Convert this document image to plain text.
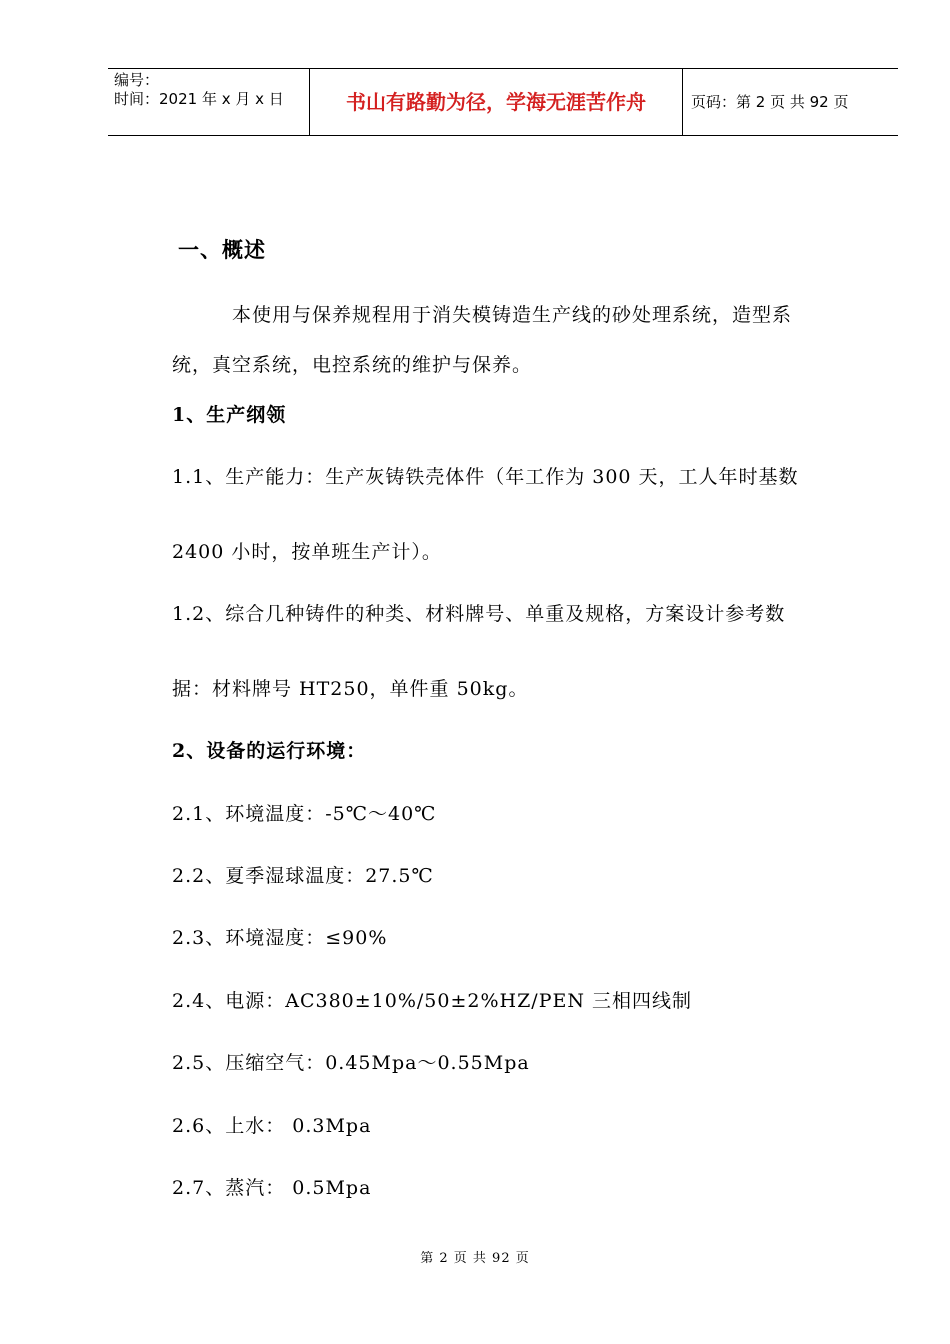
编号：
时间：2021 年 x 月 x 日	书山有路勤为径，学海无涯苦作舟	页码：第 2 页 共 92 页
一、概述
本使用与保养规程用于消失模铸造生产线的砂处理系统，造型系
统，真空系统，电控系统的维护与保养。
1、生产纲领
1.1、生产能力：生产灰铸铁壳体件（年工作为 300 天，工人年时基数
2400 小时，按单班生产计）。
1.2、综合几种铸件的种类、材料牌号、单重及规格，方案设计参考数
据：材料牌号 HT250，单件重 50kg。
2、设备的运行环境：
2.1、环境温度：-5℃～40℃
2.2、夏季湿球温度：27.5℃
2.3、环境湿度：≤90%
2.4、电源：AC380±10%/50±2%HZ/PEN 三相四线制
2.5、压缩空气：0.45Mpa～0.55Mpa
2.6、上水： 0.3Mpa
2.7、蒸汽： 0.5Mpa
第 2 页 共 92 页
